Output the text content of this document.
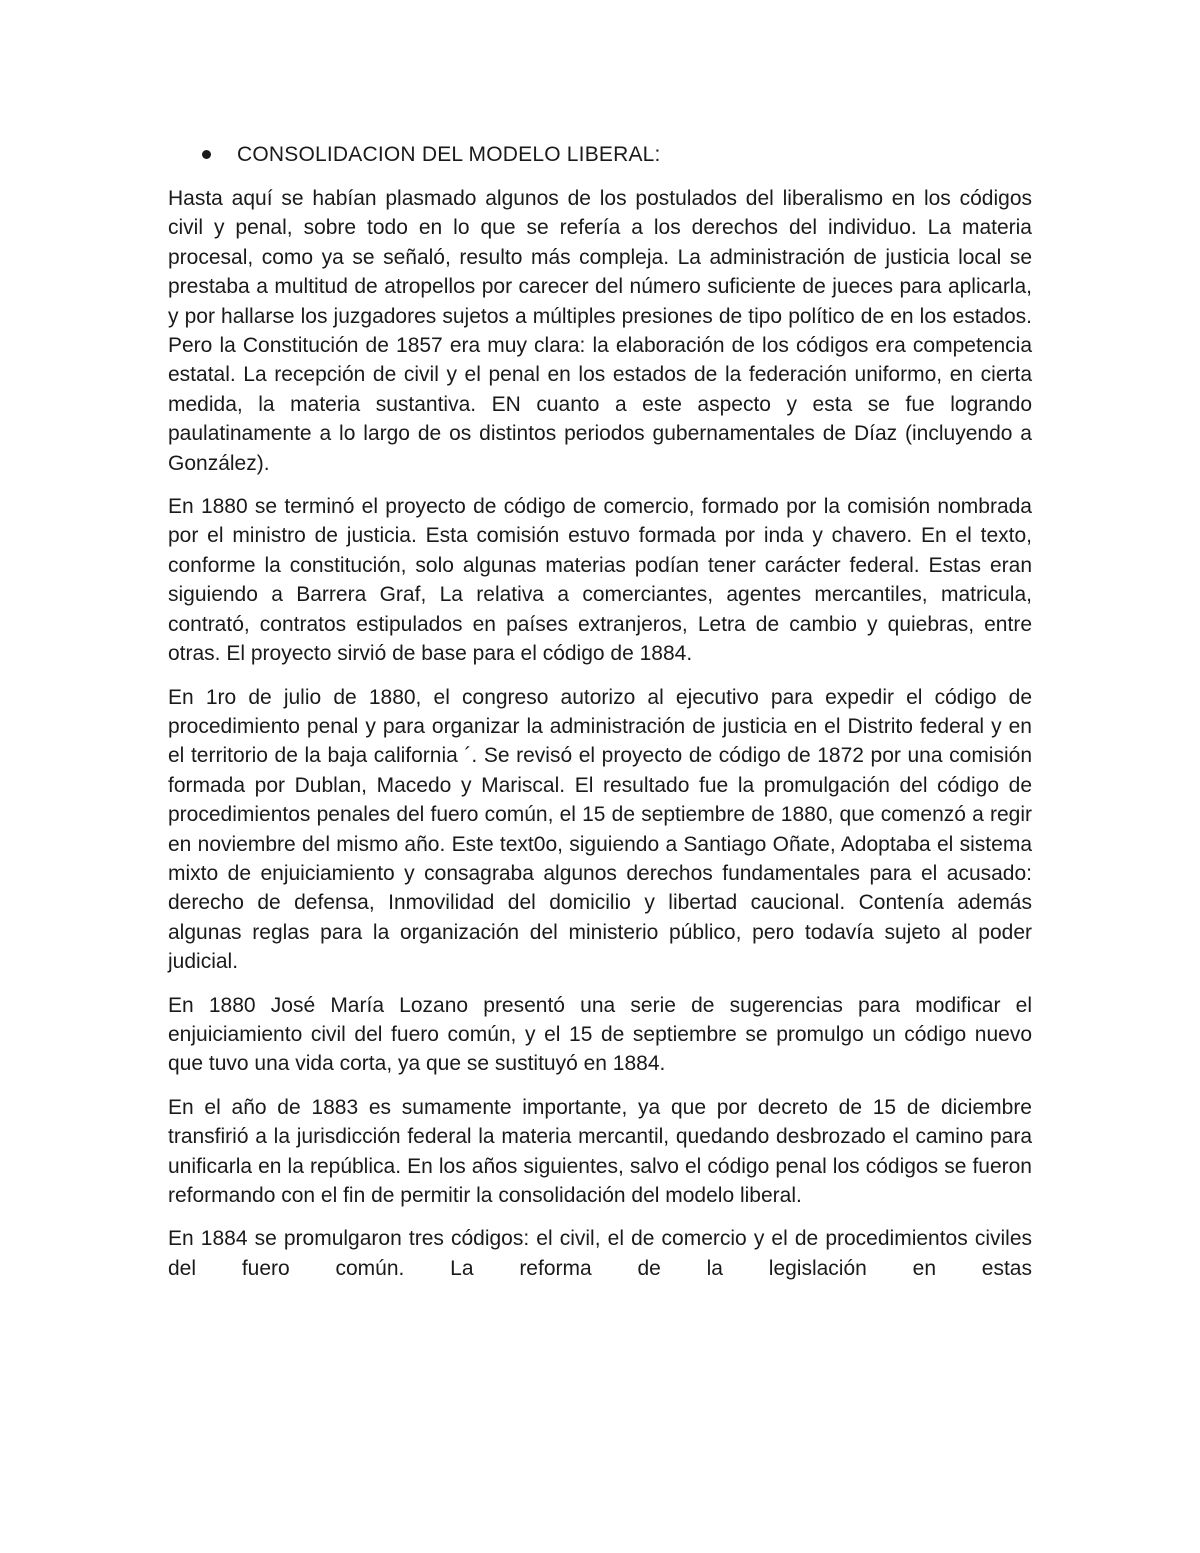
CONSOLIDACION DEL MODELO LIBERAL:

Hasta aquí se habían plasmado algunos de los postulados del liberalismo en los códigos civil y penal, sobre todo en lo que se refería a los derechos del individuo. La materia procesal, como ya se señaló, resulto más compleja. La administración de justicia local se prestaba a multitud de atropellos por carecer del número suficiente de jueces para aplicarla, y por hallarse los juzgadores sujetos a múltiples presiones de tipo político de en los estados. Pero la Constitución de 1857 era muy clara: la elaboración de los códigos era competencia estatal. La recepción de civil y el penal en los estados de la federación uniformo, en cierta medida, la materia sustantiva. EN cuanto a este aspecto y esta se fue logrando paulatinamente a lo largo de os distintos periodos gubernamentales de Díaz (incluyendo a González).

En 1880 se terminó el proyecto de código de comercio, formado por la comisión nombrada por el ministro de justicia. Esta comisión estuvo formada por inda y chavero. En el texto, conforme la constitución, solo algunas materias podían tener carácter federal. Estas eran siguiendo a Barrera Graf, La relativa a comerciantes, agentes mercantiles, matricula, contrató, contratos estipulados en países extranjeros, Letra de cambio y quiebras, entre otras. El proyecto sirvió de base para el código de 1884.

En 1ro de julio de 1880, el congreso autorizo al ejecutivo para expedir el código de procedimiento penal y para organizar la administración de justicia en el Distrito federal y en el territorio de la baja california ´. Se revisó el proyecto de código de 1872 por una comisión formada por Dublan, Macedo y Mariscal. El resultado fue la promulgación del código de procedimientos penales del fuero común, el 15 de septiembre de 1880, que comenzó a regir en noviembre del mismo año. Este text0o, siguiendo a Santiago Oñate, Adoptaba el sistema mixto de enjuiciamiento y consagraba algunos derechos fundamentales para el acusado: derecho de defensa, Inmovilidad del domicilio y libertad caucional. Contenía además algunas reglas para la organización del ministerio público, pero todavía sujeto al poder judicial.

En 1880 José María Lozano presentó una serie de sugerencias para modificar el enjuiciamiento civil del fuero común, y el 15 de septiembre se promulgo un código nuevo que tuvo una vida corta, ya que se sustituyó en 1884.

En el año de 1883 es sumamente importante, ya que por decreto de 15 de diciembre transfirió a la jurisdicción federal la materia mercantil, quedando desbrozado el camino para unificarla en la república. En los años siguientes, salvo el código penal los códigos se fueron reformando con el fin de permitir la consolidación del modelo liberal.

En 1884 se promulgaron tres códigos: el civil, el de comercio y el de procedimientos civiles del fuero común. La reforma de la legislación en estas
